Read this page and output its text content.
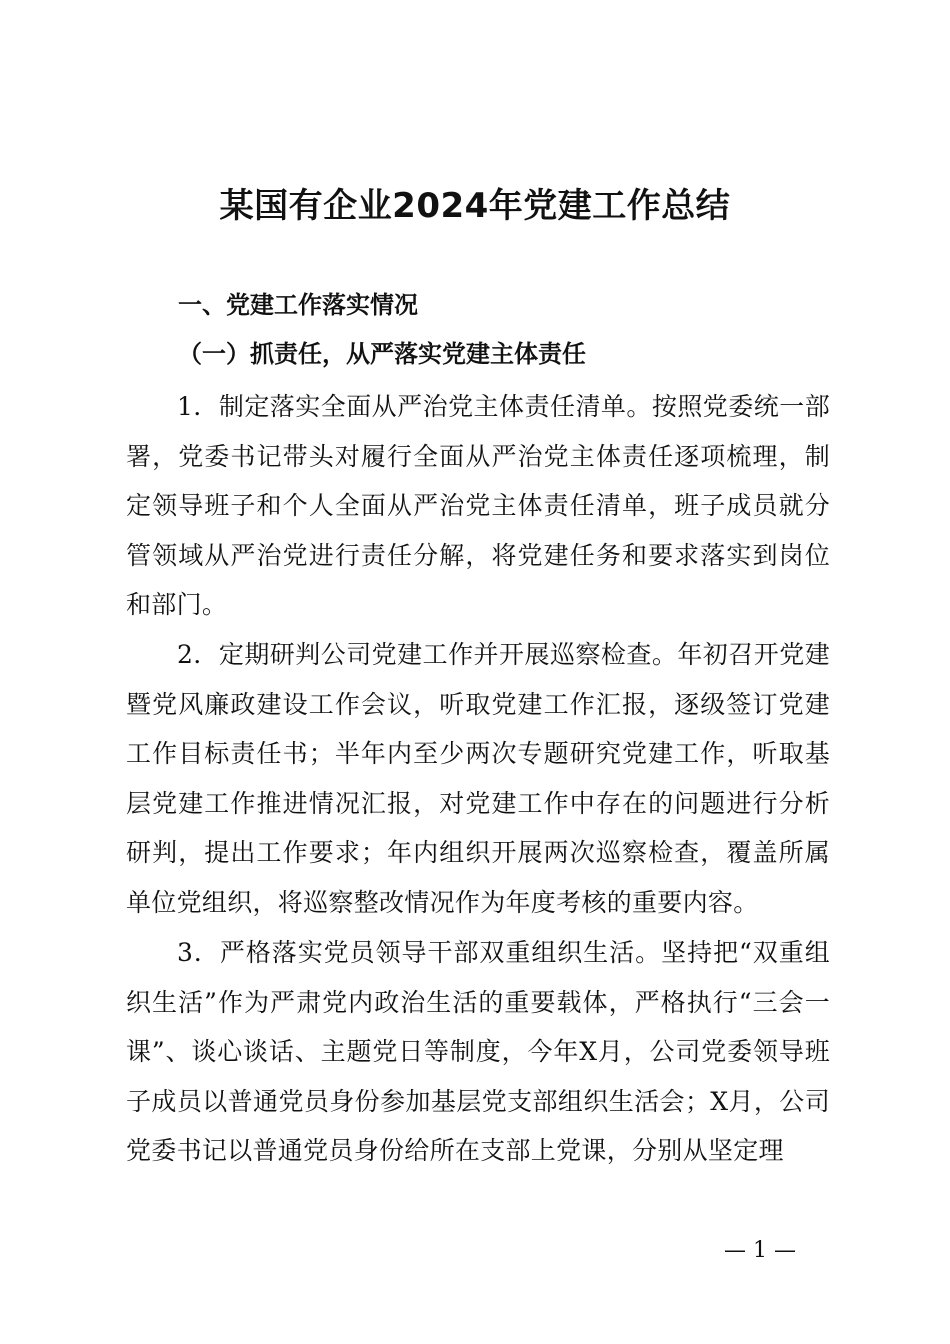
某国有企业2024年党建工作总结
一、党建工作落实情况
（一）抓责任，从严落实党建主体责任

1．制定落实全面从严治党主体责任清单。按照党委统一部署，党委书记带头对履行全面从严治党主体责任逐项梳理，制定领导班子和个人全面从严治党主体责任清单，班子成员就分管领域从严治党进行责任分解，将党建任务和要求落实到岗位和部门。

2．定期研判公司党建工作并开展巡察检查。年初召开党建暨党风廉政建设工作会议，听取党建工作汇报，逐级签订党建工作目标责任书；半年内至少两次专题研究党建工作，听取基层党建工作推进情况汇报，对党建工作中存在的问题进行分析研判，提出工作要求；年内组织开展两次巡察检查，覆盖所属单位党组织，将巡察整改情况作为年度考核的重要内容。

3．严格落实党员领导干部双重组织生活。坚持把“双重组织生活”作为严肃党内政治生活的重要载体，严格执行“三会一课”、谈心谈话、主题党日等制度，今年X月，公司党委领导班子成员以普通党员身份参加基层党支部组织生活会；X月，公司党委书记以普通党员身份给所在支部上党课，分别从坚定理

— 1 —
